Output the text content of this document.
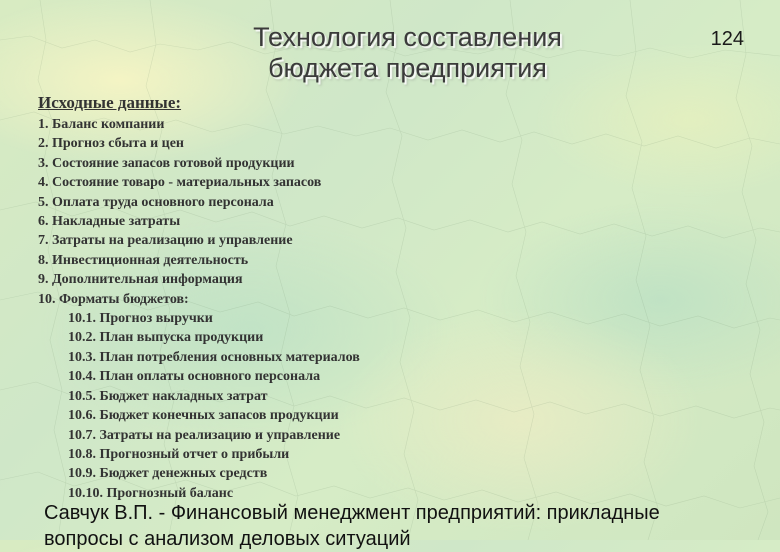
124
Технология составления
бюджета предприятия
Исходные данные:
1. Баланс компании
2. Прогноз сбыта и цен
3. Состояние запасов готовой продукции
4. Состояние товаро - материальных запасов
5. Оплата труда основного персонала
6. Накладные затраты
7. Затраты на реализацию и управление
8. Инвестиционная деятельность
9. Дополнительная информация
10. Форматы бюджетов:
10.1. Прогноз выручки
10.2. План выпуска продукции
10.3. План потребления основных материалов
10.4. План оплаты основного персонала
10.5. Бюджет накладных затрат
10.6. Бюджет конечных запасов продукции
10.7. Затраты на реализацию и управление
10.8. Прогнозный отчет о прибыли
10.9. Бюджет денежных средств
10.10. Прогнозный баланс
Савчук В.П. - Финансовый менеджмент предприятий: прикладные
вопросы с анализом деловых ситуаций
